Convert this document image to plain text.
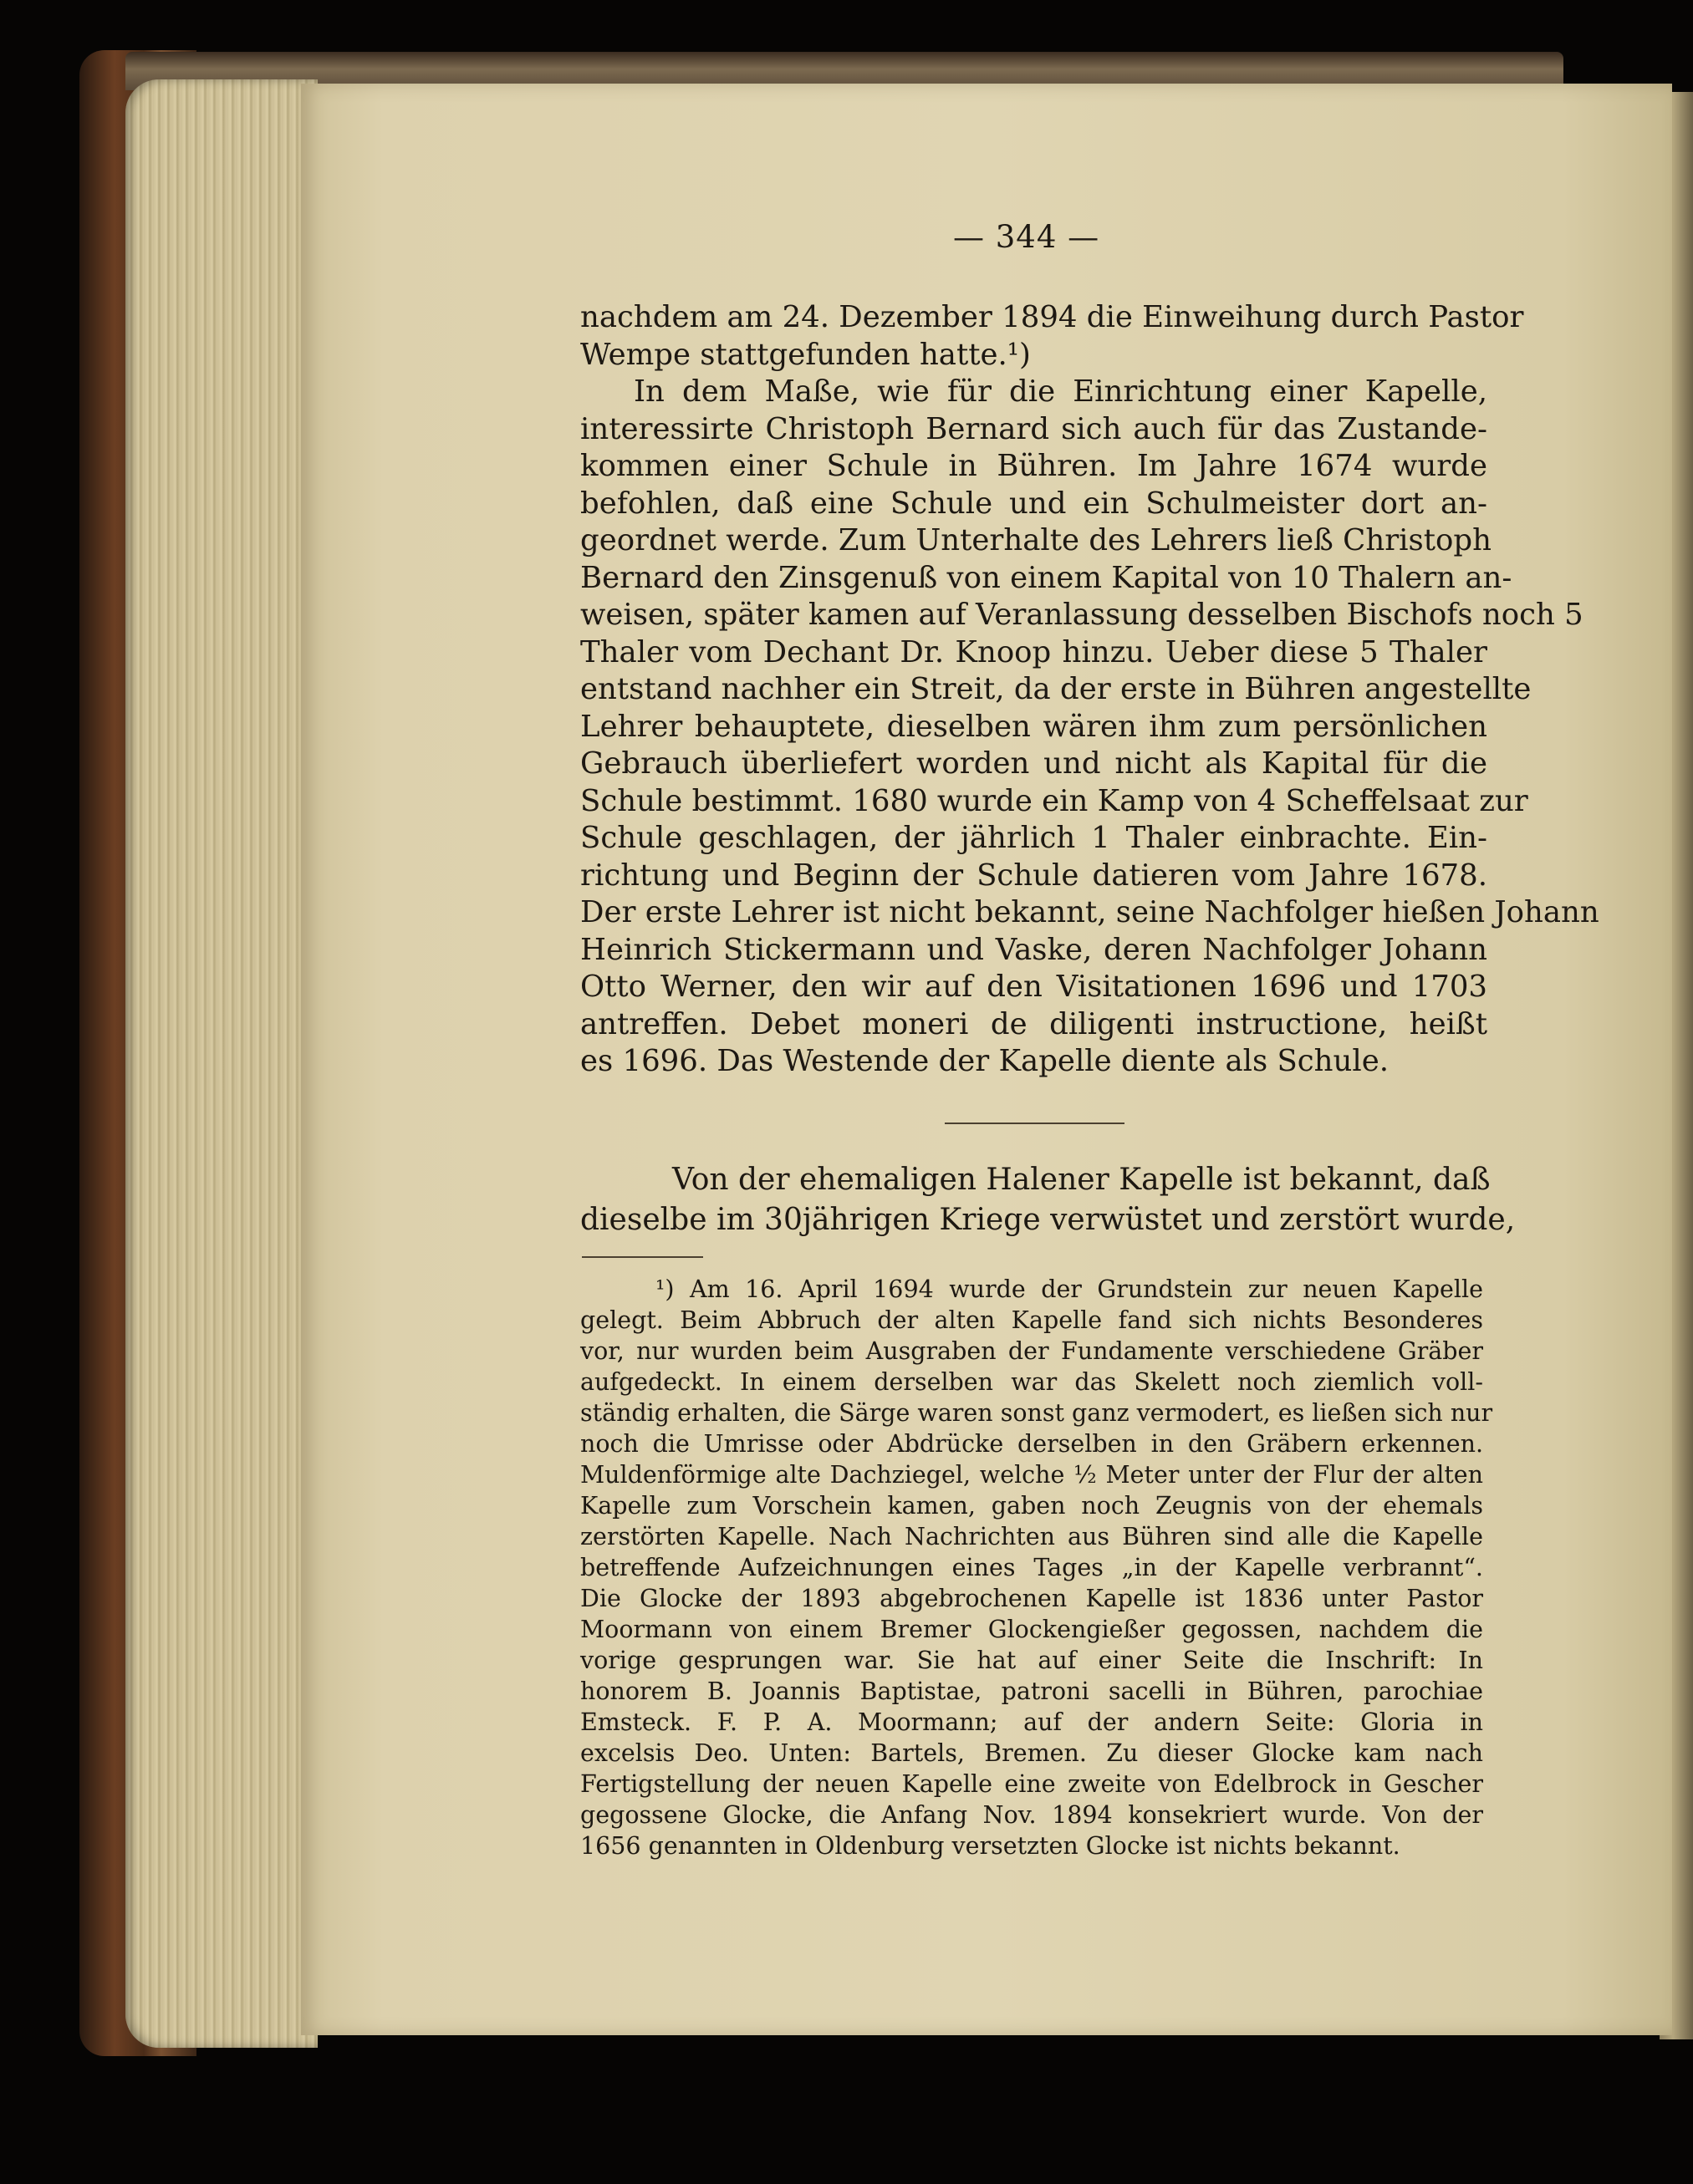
— 344 —
nachdem am 24. Dezember 1894 die Einweihung durch Pastor
Wempe stattgefunden hatte.¹)
In dem Maße, wie für die Einrichtung einer Kapelle,
interessirte Christoph Bernard sich auch für das Zustande-
kommen einer Schule in Bühren. Im Jahre 1674 wurde
befohlen, daß eine Schule und ein Schulmeister dort an-
geordnet werde. Zum Unterhalte des Lehrers ließ Christoph
Bernard den Zinsgenuß von einem Kapital von 10 Thalern an-
weisen, später kamen auf Veranlassung desselben Bischofs noch 5
Thaler vom Dechant Dr. Knoop hinzu. Ueber diese 5 Thaler
entstand nachher ein Streit, da der erste in Bühren angestellte
Lehrer behauptete, dieselben wären ihm zum persönlichen
Gebrauch überliefert worden und nicht als Kapital für die
Schule bestimmt. 1680 wurde ein Kamp von 4 Scheffelsaat zur
Schule geschlagen, der jährlich 1 Thaler einbrachte. Ein-
richtung und Beginn der Schule datieren vom Jahre 1678.
Der erste Lehrer ist nicht bekannt, seine Nachfolger hießen Johann
Heinrich Stickermann und Vaske, deren Nachfolger Johann
Otto Werner, den wir auf den Visitationen 1696 und 1703
antreffen. Debet moneri de diligenti instructione, heißt
es 1696. Das Westende der Kapelle diente als Schule.
Von der ehemaligen Halener Kapelle ist bekannt, daß
dieselbe im 30jährigen Kriege verwüstet und zerstört wurde,
¹) Am 16. April 1694 wurde der Grundstein zur neuen Kapelle
gelegt. Beim Abbruch der alten Kapelle fand sich nichts Besonderes
vor, nur wurden beim Ausgraben der Fundamente verschiedene Gräber
aufgedeckt. In einem derselben war das Skelett noch ziemlich voll-
ständig erhalten, die Särge waren sonst ganz vermodert, es ließen sich nur
noch die Umrisse oder Abdrücke derselben in den Gräbern erkennen.
Muldenförmige alte Dachziegel, welche ½ Meter unter der Flur der alten
Kapelle zum Vorschein kamen, gaben noch Zeugnis von der ehemals
zerstörten Kapelle. Nach Nachrichten aus Bühren sind alle die Kapelle
betreffende Aufzeichnungen eines Tages „in der Kapelle verbrannt“.
Die Glocke der 1893 abgebrochenen Kapelle ist 1836 unter Pastor
Moormann von einem Bremer Glockengießer gegossen, nachdem die
vorige gesprungen war. Sie hat auf einer Seite die Inschrift: In
honorem B. Joannis Baptistae, patroni sacelli in Bühren, parochiae
Emsteck. F. P. A. Moormann; auf der andern Seite: Gloria in
excelsis Deo. Unten: Bartels, Bremen. Zu dieser Glocke kam nach
Fertigstellung der neuen Kapelle eine zweite von Edelbrock in Gescher
gegossene Glocke, die Anfang Nov. 1894 konsekriert wurde. Von der
1656 genannten in Oldenburg versetzten Glocke ist nichts bekannt.
